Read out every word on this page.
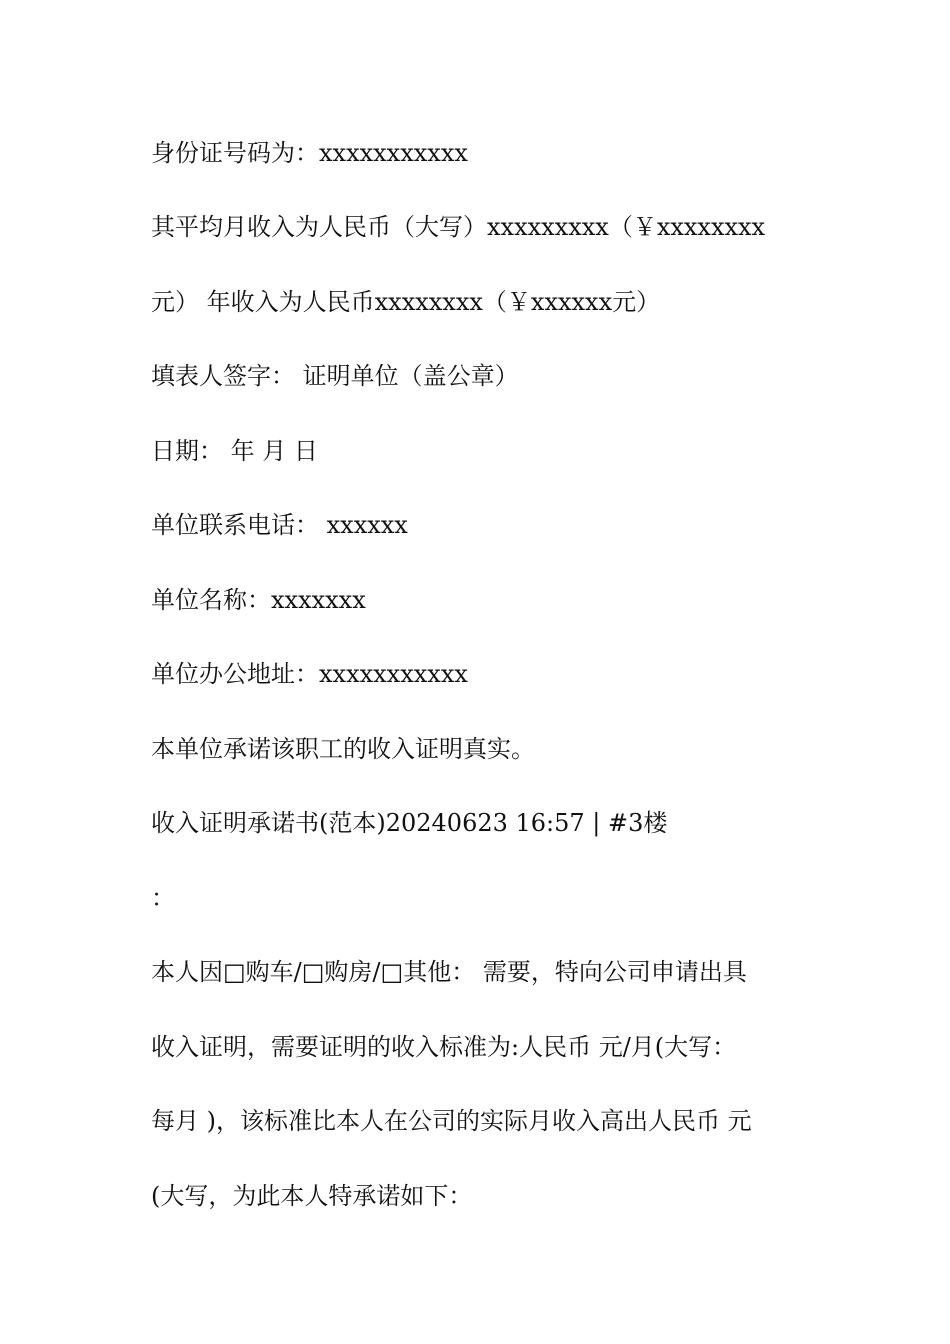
身份证号码为：xxxxxxxxxxx
其平均月收入为人民币（大写）xxxxxxxxx（￥xxxxxxxx
元） 年收入为人民币xxxxxxxx（￥xxxxxx元）
填表人签字： 证明单位（盖公章）
日期： 年 月 日
单位联系电话： xxxxxx
单位名称：xxxxxxx
单位办公地址：xxxxxxxxxxx
本单位承诺该职工的收入证明真实。
收入证明承诺书(范本)20240623 16:57 | #3楼
：
本人因□购车/□购房/□其他： 需要，特向公司申请出具
收入证明，需要证明的收入标准为:人民币 元/月(大写：
每月 )，该标准比本人在公司的实际月收入高出人民币 元
(大写，为此本人特承诺如下：
